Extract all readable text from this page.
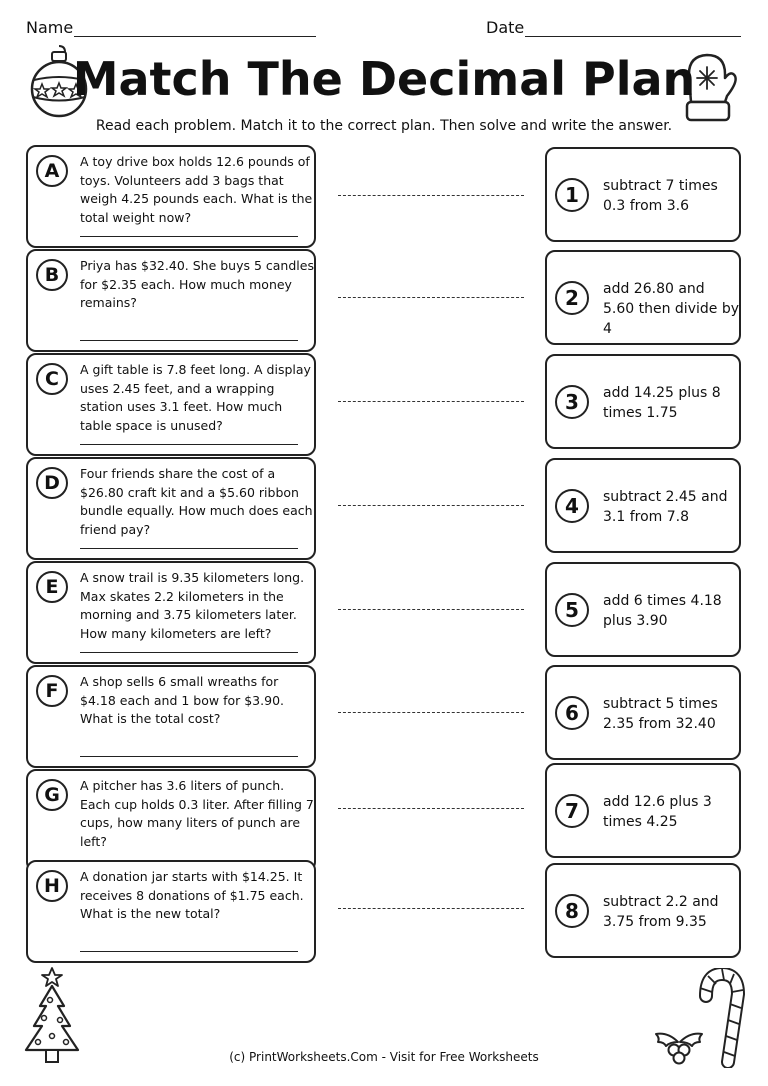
Name	Date
Match The Decimal Plan
Read each problem. Match it to the correct plan. Then solve and write the answer.
A	A toy drive box holds 12.6 pounds of toys. Volunteers add 3 bags that weigh 4.25 pounds each. What is the total weight now?
B	Priya has $32.40. She buys 5 candles for $2.35 each. How much money remains?
C	A gift table is 7.8 feet long. A display uses 2.45 feet, and a wrapping station uses 3.1 feet. How much table space is unused?
D	Four friends share the cost of a $26.80 craft kit and a $5.60 ribbon bundle equally. How much does each friend pay?
E	A snow trail is 9.35 kilometers long. Max skates 2.2 kilometers in the morning and 3.75 kilometers later. How many kilometers are left?
F	A shop sells 6 small wreaths for $4.18 each and 1 bow for $3.90. What is the total cost?
G	A pitcher has 3.6 liters of punch. Each cup holds 0.3 liter. After filling 7 cups, how many liters of punch are left?
H	A donation jar starts with $14.25. It receives 8 donations of $1.75 each. What is the new total?
1	subtract 7 times 0.3 from 3.6
2	add 26.80 and 5.60 then divide by 4
3	add 14.25 plus 8 times 1.75
4	subtract 2.45 and 3.1 from 7.8
5	add 6 times 4.18 plus 3.90
6	subtract 5 times 2.35 from 32.40
7	add 12.6 plus 3 times 4.25
8	subtract 2.2 and 3.75 from 9.35
(c) PrintWorksheets.Com - Visit for Free Worksheets
